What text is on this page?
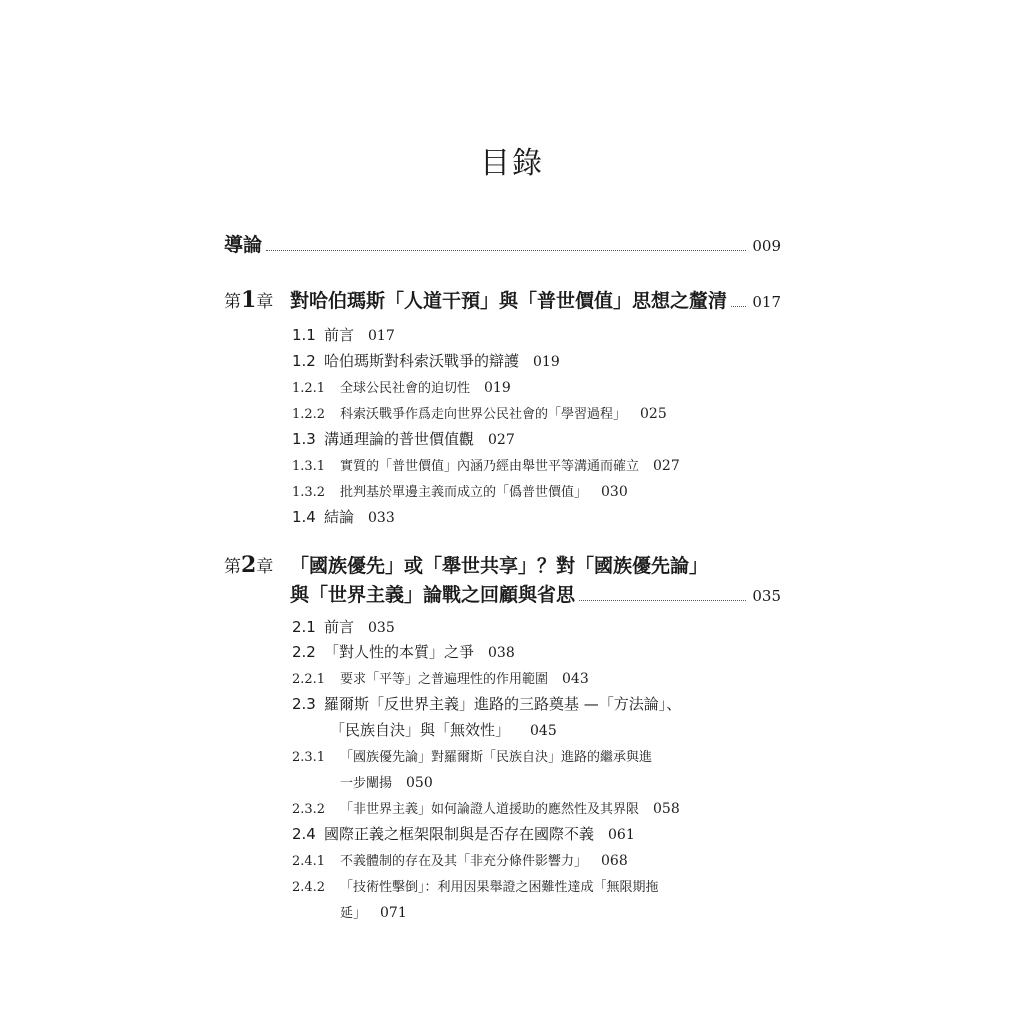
目錄
導論	009
第1章 對哈伯瑪斯「人道干預」與「普世價值」思想之釐清 017
1.1 前言 017
1.2 哈伯瑪斯對科索沃戰爭的辯護 019
1.2.1 全球公民社會的迫切性 019
1.2.2 科索沃戰爭作爲走向世界公民社會的「學習過程」 025
1.3 溝通理論的普世價值觀 027
1.3.1 實質的「普世價值」內涵乃經由舉世平等溝通而確立 027
1.3.2 批判基於單邊主義而成立的「僞普世價值」 030
1.4 結論 033
第2章 「國族優先」或「舉世共享」？對「國族優先論」
與「世界主義」論戰之回顧與省思	035
2.1 前言 035
2.2 「對人性的本質」之爭 038
2.2.1 要求「平等」之普遍理性的作用範圍 043
2.3 羅爾斯「反世界主義」進路的三路奠基 —「方法論」、
「民族自決」與「無效性」 045
2.3.1 「國族優先論」對羅爾斯「民族自決」進路的繼承與進
一步闡揚 050
2.3.2 「非世界主義」如何論證人道援助的應然性及其界限 058
2.4 國際正義之框架限制與是否存在國際不義 061
2.4.1 不義體制的存在及其「非充分條件影響力」 068
2.4.2 「技術性擊倒」：利用因果舉證之困難性達成「無限期拖
延」 071
